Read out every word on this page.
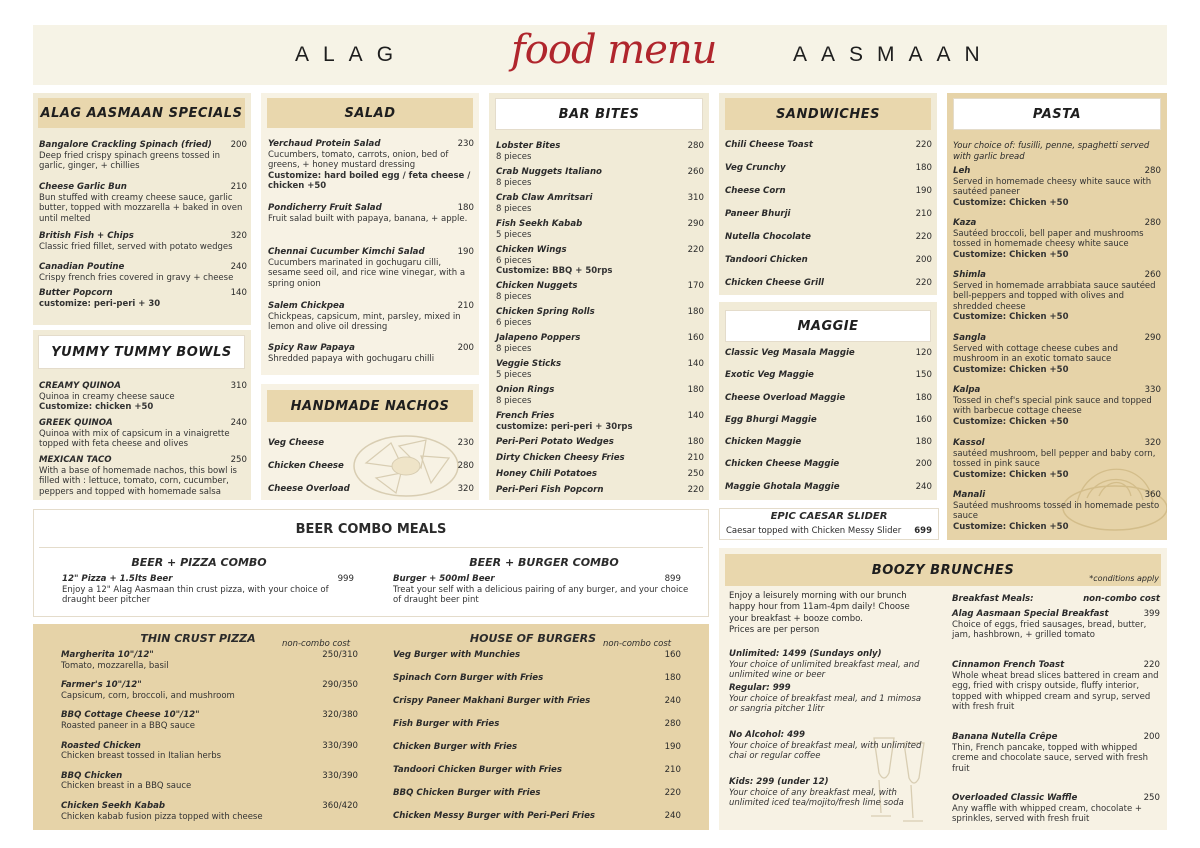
ALAG	food menu	AASMAAN
ALAG AASMAAN SPECIALS
Bangalore Crackling Spinach (fried) 200
Deep fried crispy spinach greens tossed in garlic, ginger, + chillies
Cheese Garlic Bun	210
Bun stuffed with creamy cheese sauce, garlic butter, topped with mozzarella + baked in oven until melted
British Fish + Chips	320
Classic fried fillet, served with potato wedges
Canadian Poutine	240
Crispy french fries covered in gravy + cheese
Butter Popcorn	140
customize: peri-peri + 30
YUMMY TUMMY BOWLS
CREAMY QUINOA	310
Quinoa in creamy cheese sauce
Customize: chicken +50
GREEK QUINOA	240
Quinoa with mix of capsicum in a vinaigrette topped with feta cheese and olives
MEXICAN TACO	250
With a base of homemade nachos, this bowl is filled with : lettuce, tomato, corn, cucumber, peppers and topped with homemade salsa
SALAD
Yerchaud Protein Salad	230
Cucumbers, tomato, carrots, onion, bed of greens, + honey mustard dressing
Customize: hard boiled egg / feta cheese / chicken +50
Pondicherry Fruit Salad	180
Fruit salad built with papaya, banana, + apple.
Chennai Cucumber Kimchi Salad	190
Cucumbers marinated in gochugaru cilli, sesame seed oil, and rice wine vinegar, with a spring onion
Salem Chickpea	210
Chickpeas, capsicum, mint, parsley, mixed in lemon and olive oil dressing
Spicy Raw Papaya	200
Shredded papaya with gochugaru chilli
HANDMADE NACHOS
Veg Cheese	230
Chicken Cheese	280
Cheese Overload	320
BAR BITES
Lobster Bites	280
8 pieces
Crab Nuggets Italiano	260
8 pieces
Crab Claw Amritsari	310
8 pieces
Fish Seekh Kabab	290
5 pieces
Chicken Wings	220
6 pieces
Customize: BBQ + 50rps
Chicken Nuggets	170
8 pieces
Chicken Spring Rolls	180
6 pieces
Jalapeno Poppers	160
8 pieces
Veggie Sticks	140
5 pieces
Onion Rings	180
8 pieces
French Fries	140
customize: peri-peri + 30rps
Peri-Peri Potato Wedges	180
Dirty Chicken Cheesy Fries	210
Honey Chili Potatoes	250
Peri-Peri Fish Popcorn	220
SANDWICHES
Chili Cheese Toast	220
Veg Crunchy	180
Cheese Corn	190
Paneer Bhurji	210
Nutella Chocolate	220
Tandoori Chicken	200
Chicken Cheese Grill	220
MAGGIE
Classic Veg Masala Maggie	120
Exotic Veg Maggie	150
Cheese Overload Maggie	180
Egg Bhurgi Maggie	160
Chicken Maggie	180
Chicken Cheese Maggie	200
Maggie Ghotala Maggie	240
EPIC CAESAR SLIDER
Caesar topped with Chicken Messy Slider 699
PASTA
Your choice of: fusilli, penne, spaghetti served with garlic bread
Leh	280
Served in homemade cheesy white sauce with sautéed paneer
Customize: Chicken +50
Kaza	280
Sautéed broccoli, bell paper and mushrooms tossed in homemade cheesy white sauce
Customize: Chicken +50
Shimla	260
Served in homemade arrabbiata sauce sautéed bell-peppers and topped with olives and shredded cheese
Customize: Chicken +50
Sangla	290
Served with cottage cheese cubes and mushroom in an exotic tomato sauce
Customize: Chicken +50
Kalpa	330
Tossed in chef's special pink sauce and topped with barbecue cottage cheese
Customize: Chicken +50
Kassol	320
sautéed mushroom, bell pepper and baby corn, tossed in pink sauce
Customize: Chicken +50
Manali	360
Sautéed mushrooms tossed in homemade pesto sauce
Customize: Chicken +50
BEER COMBO MEALS
BEER + PIZZA COMBO
12" Pizza + 1.5lts Beer	999
Enjoy a 12" Alag Aasmaan thin crust pizza, with your choice of draught beer pitcher
BEER + BURGER COMBO
Burger + 500ml Beer	899
Treat your self with a delicious pairing of any burger, and your choice of draught beer pint
THIN CRUST PIZZA	non-combo cost
Margherita 10"/12"	250/310
Tomato, mozzarella, basil
Farmer's 10"/12"	290/350
Capsicum, corn, broccoli, and mushroom
BBQ Cottage Cheese 10"/12"	320/380
Roasted paneer in a BBQ sauce
Roasted Chicken	330/390
Chicken breast tossed in Italian herbs
BBQ Chicken	330/390
Chicken breast in a BBQ sauce
Chicken Seekh Kabab	360/420
Chicken kabab fusion pizza topped with cheese
HOUSE OF BURGERS non-combo cost
Veg Burger with Munchies	160
Spinach Corn Burger with Fries	180
Crispy Paneer Makhani Burger with Fries	240
Fish Burger with Fries	280
Chicken Burger with Fries	190
Tandoori Chicken Burger with Fries	210
BBQ Chicken Burger with Fries	220
Chicken Messy Burger with Peri-Peri Fries	240
BOOZY BRUNCHES
*conditions apply
Enjoy a leisurely morning with our brunch happy hour from 11am-4pm daily! Choose your breakfast + booze combo.
Prices are per person
Unlimited: 1499 (Sundays only)
Your choice of unlimited breakfast meal, and unlimited wine or beer
Regular: 999
Your choice of breakfast meal, and 1 mimosa or sangria pitcher 1litr
No Alcohol: 499
Your choice of breakfast meal, with unlimited chai or regular coffee
Kids: 299 (under 12)
Your choice of any breakfast meal, with unlimited iced tea/mojito/fresh lime soda
Breakfast Meals:	non-combo cost
Alag Aasmaan Special Breakfast	399
Choice of eggs, fried sausages, bread, butter, jam, hashbrown, + grilled tomato
Cinnamon French Toast	220
Whole wheat bread slices battered in cream and egg, fried with crispy outside, fluffy interior, topped with whipped cream and syrup, served with fresh fruit
Banana Nutella Crêpe	200
Thin, French pancake, topped with whipped creme and chocolate sauce, served with fresh fruit
Overloaded Classic Waffle	250
Any waffle with whipped cream, chocolate + sprinkles, served with fresh fruit
